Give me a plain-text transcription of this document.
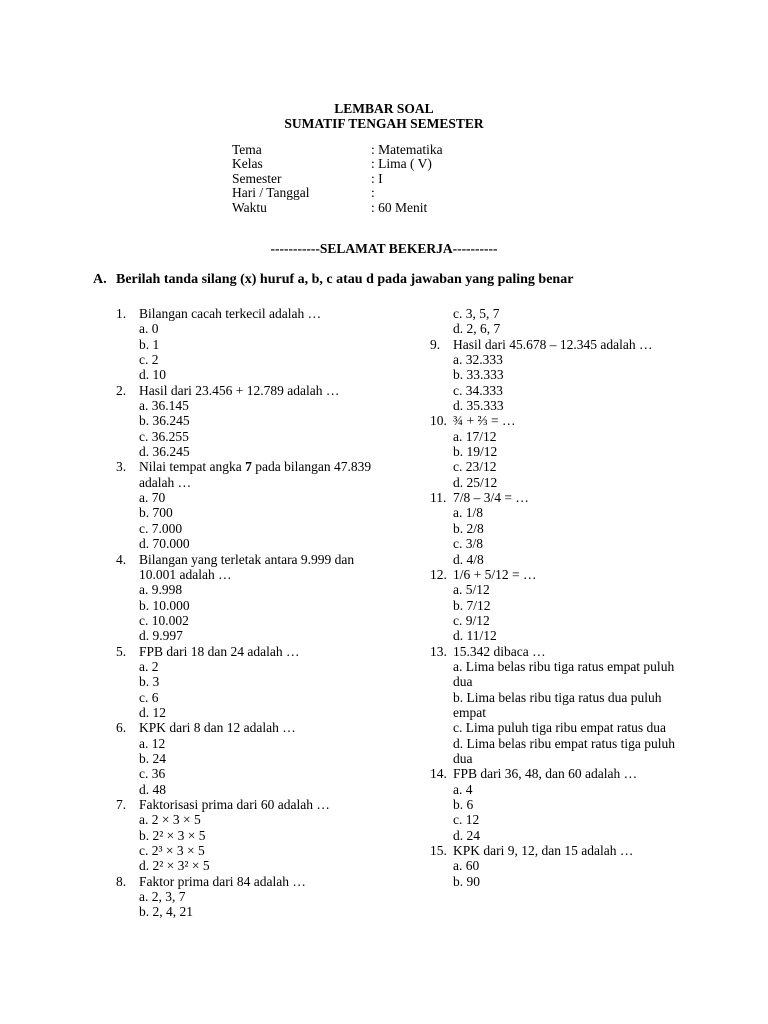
LEMBAR SOAL
SUMATIF TENGAH SEMESTER
Tema	: Matematika
Kelas	: Lima ( V)
Semester	: I
Hari / Tanggal	:
Waktu	: 60 Menit
-----------SELAMAT BEKERJA----------
A. Berilah tanda silang (x) huruf a, b, c atau d pada jawaban yang paling benar
1. Bilangan cacah terkecil adalah …
a. 0
b. 1
c. 2
d. 10
2. Hasil dari 23.456 + 12.789 adalah …
a. 36.145
b. 36.245
c. 36.255
d. 36.245
3. Nilai tempat angka 7 pada bilangan 47.839 adalah …
a. 70
b. 700
c. 7.000
d. 70.000
4. Bilangan yang terletak antara 9.999 dan 10.001 adalah …
a. 9.998
b. 10.000
c. 10.002
d. 9.997
5. FPB dari 18 dan 24 adalah …
a. 2
b. 3
c. 6
d. 12
6. KPK dari 8 dan 12 adalah …
a. 12
b. 24
c. 36
d. 48
7. Faktorisasi prima dari 60 adalah …
a. 2 × 3 × 5
b. 2² × 3 × 5
c. 2³ × 3 × 5
d. 2² × 3² × 5
8. Faktor prima dari 84 adalah …
a. 2, 3, 7
b. 2, 4, 21
c. 3, 5, 7
d. 2, 6, 7
9. Hasil dari 45.678 – 12.345 adalah …
a. 32.333
b. 33.333
c. 34.333
d. 35.333
10. ¾ + ⅔ = …
a. 17/12
b. 19/12
c. 23/12
d. 25/12
11. 7/8 – 3/4 = …
a. 1/8
b. 2/8
c. 3/8
d. 4/8
12. 1/6 + 5/12 = …
a. 5/12
b. 7/12
c. 9/12
d. 11/12
13. 15.342 dibaca …
a. Lima belas ribu tiga ratus empat puluh dua
b. Lima belas ribu tiga ratus dua puluh empat
c. Lima puluh tiga ribu empat ratus dua
d. Lima belas ribu empat ratus tiga puluh dua
14. FPB dari 36, 48, dan 60 adalah …
a. 4
b. 6
c. 12
d. 24
15. KPK dari 9, 12, dan 15 adalah …
a. 60
b. 90
